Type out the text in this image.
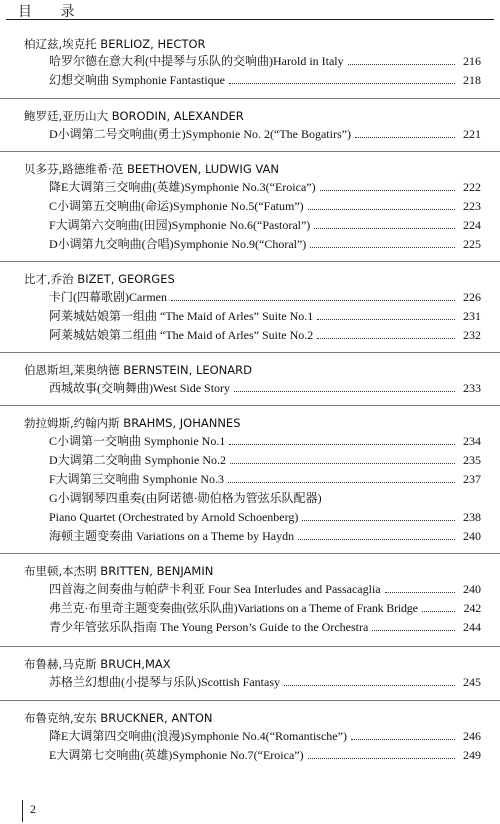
目 录
柏辽兹,埃克托 BERLIOZ, HECTOR
哈罗尔德在意大利(中提琴与乐队的交响曲)Harold in Italy	216
幻想交响曲 Symphonie Fantastique	218
鲍罗廷,亚历山大 BORODIN, ALEXANDER
D小调第二号交响曲(勇士)Symphonie No. 2(“The Bogatirs”)	221
贝多芬,路德维希·范 BEETHOVEN, LUDWIG VAN
降E大调第三交响曲(英雄)Symphonie No.3(“Eroica”)	222
C小调第五交响曲(命运)Symphonie No.5(“Fatum”)	223
F大调第六交响曲(田园)Symphonie No.6(“Pastoral”)	224
D小调第九交响曲(合唱)Symphonie No.9(“Choral”)	225
比才,乔治 BIZET, GEORGES
卡门(四幕歌剧)Carmen	226
阿莱城姑娘第一组曲 “The Maid of Arles” Suite No.1	231
阿莱城姑娘第二组曲 “The Maid of Arles” Suite No.2	232
伯恩斯坦,莱奥纳德 BERNSTEIN, LEONARD
西城故事(交响舞曲)West Side Story	233
勃拉姆斯,约翰内斯 BRAHMS, JOHANNES
C小调第一交响曲 Symphonie No.1	234
D大调第二交响曲 Symphonie No.2	235
F大调第三交响曲 Symphonie No.3	237
G小调钢琴四重奏(由阿诺德·勋伯格为管弦乐队配器)
Piano Quartet (Orchestrated by Arnold Schoenberg)	238
海顿主题变奏曲 Variations on a Theme by Haydn	240
布里顿,本杰明 BRITTEN, BENJAMIN
四首海之间奏曲与帕萨卡利亚 Four Sea Interludes and Passacaglia	240
弗兰克·布里奇主题变奏曲(弦乐队曲)Variations on a Theme of Frank Bridge	242
青少年管弦乐队指南 The Young Person’s Guide to the Orchestra	244
布鲁赫,马克斯 BRUCH,MAX
苏格兰幻想曲(小提琴与乐队)Scottish Fantasy	245
布鲁克纳,安东 BRUCKNER, ANTON
降E大调第四交响曲(浪漫)Symphonie No.4(“Romantische”)	246
E大调第七交响曲(英雄)Symphonie No.7(“Eroica”)	249
2
